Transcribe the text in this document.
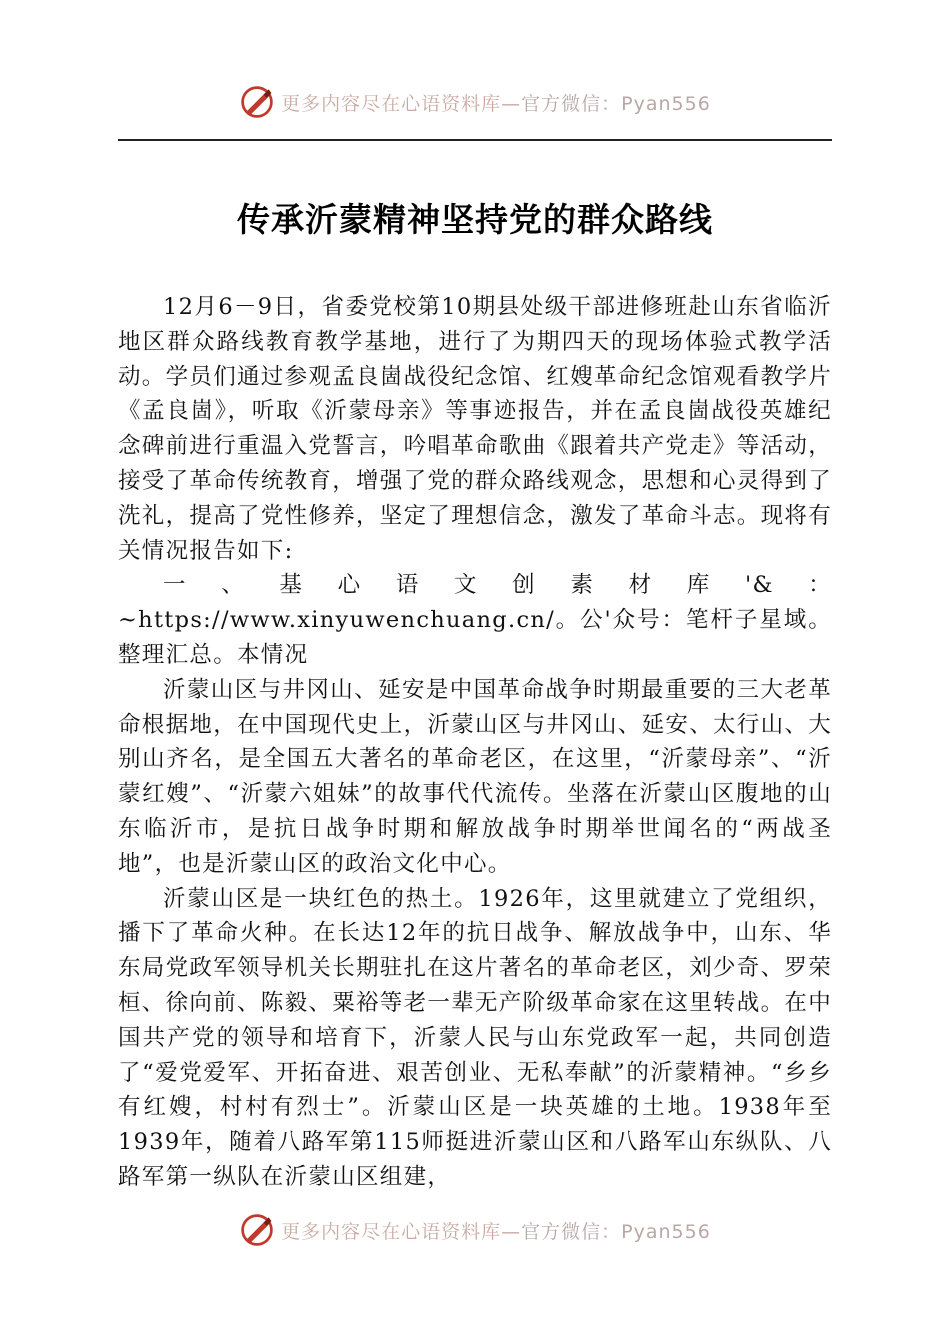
更多内容尽在心语资料库—官方微信：Pyan556
传承沂蒙精神坚持党的群众路线

12月6－9日，省委党校第10期县处级干部进修班赴山东省临沂地区群众路线教育教学基地，进行了为期四天的现场体验式教学活动。学员们通过参观孟良崮战役纪念馆、红嫂革命纪念馆观看教学片《孟良崮》，听取《沂蒙母亲》等事迹报告，并在孟良崮战役英雄纪念碑前进行重温入党誓言，吟唱革命歌曲《跟着共产党走》等活动，接受了革命传统教育，增强了党的群众路线观念，思想和心灵得到了洗礼，提高了党性修养，坚定了理想信念，激发了革命斗志。现将有关情况报告如下:

一、基心语文创素材库'&：~https://www.xinyuwenchuang.cn/。公'众号：笔杆子星域。整理汇总。本情况

沂蒙山区与井冈山、延安是中国革命战争时期最重要的三大老革命根据地，在中国现代史上，沂蒙山区与井冈山、延安、太行山、大别山齐名，是全国五大著名的革命老区，在这里，“沂蒙母亲”、“沂蒙红嫂”、“沂蒙六姐妹”的故事代代流传。坐落在沂蒙山区腹地的山东临沂市，是抗日战争时期和解放战争时期举世闻名的“两战圣地”，也是沂蒙山区的政治文化中心。

沂蒙山区是一块红色的热土。1926年，这里就建立了党组织，播下了革命火种。在长达12年的抗日战争、解放战争中，山东、华东局党政军领导机关长期驻扎在这片著名的革命老区，刘少奇、罗荣桓、徐向前、陈毅、粟裕等老一辈无产阶级革命家在这里转战。在中国共产党的领导和培育下，沂蒙人民与山东党政军一起，共同创造了“爱党爱军、开拓奋进、艰苦创业、无私奉献”的沂蒙精神。“乡乡有红嫂，村村有烈士”。沂蒙山区是一块英雄的土地。1938年至1939年，随着八路军第115师挺进沂蒙山区和八路军山东纵队、八路军第一纵队在沂蒙山区组建，

更多内容尽在心语资料库—官方微信：Pyan556
